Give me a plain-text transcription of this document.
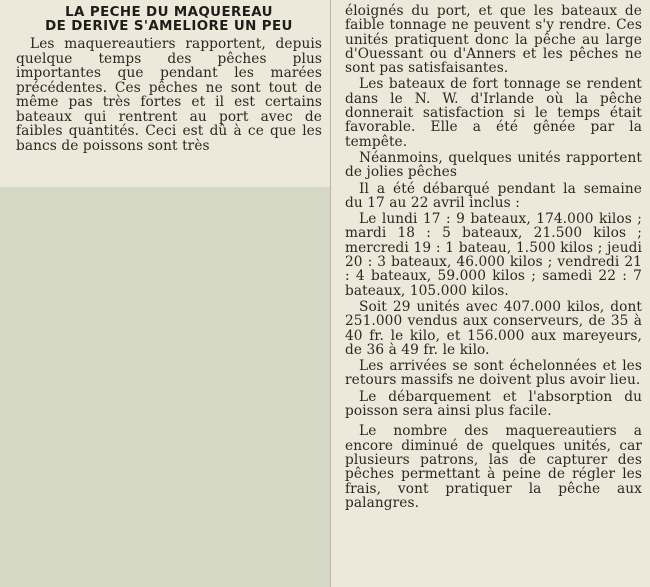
LA PECHE DU MAQUEREAU
DE DERIVE S'AMELIORE UN PEU

Les maquereautiers rapportent, depuis quelque temps des pêches plus importantes que pendant les marées précédentes. Ces pêches ne sont tout de même pas très fortes et il est certains bateaux qui rentrent au port avec de faibles quantités. Ceci est dû à ce que les bancs de poissons sont très

éloignés du port, et que les bateaux de faible tonnage ne peuvent s'y rendre. Ces unités pratiquent donc la pêche au large d'Ouessant ou d'Anners et les pêches ne sont pas satisfaisantes.

Les bateaux de fort tonnage se rendent dans le N. W. d'Irlande où la pêche donnerait satisfaction si le temps était favorable. Elle a été gênée par la tempête.

Néanmoins, quelques unités rapportent de jolies pêches

Il a été débarqué pendant la semaine du 17 au 22 avril inclus :

Le lundi 17 : 9 bateaux, 174.000 kilos ; mardi 18 : 5 bateaux, 21.500 kilos ; mercredi 19 : 1 bateau, 1.500 kilos ; jeudi 20 : 3 bateaux, 46.000 kilos ; vendredi 21 : 4 bateaux, 59.000 kilos ; samedi 22 : 7 bateaux, 105.000 kilos.

Soit 29 unités avec 407.000 kilos, dont 251.000 vendus aux conserveurs, de 35 à 40 fr. le kilo, et 156.000 aux mareyeurs, de 36 à 49 fr. le kilo.

Les arrivées se sont échelonnées et les retours massifs ne doivent plus avoir lieu.

Le débarquement et l'absorption du poisson sera ainsi plus facile.

Le nombre des maquereautiers a encore diminué de quelques unités, car plusieurs patrons, las de capturer des pêches permettant à peine de régler les frais, vont pratiquer la pêche aux palangres.
